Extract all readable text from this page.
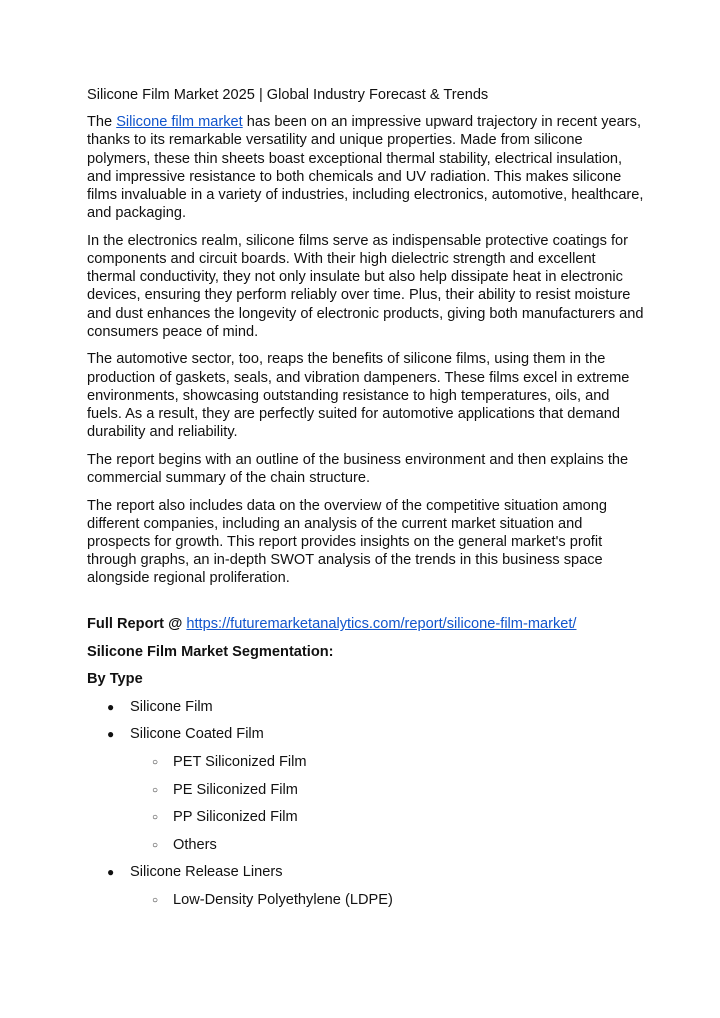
Silicone Film Market 2025 | Global Industry Forecast & Trends

The Silicone film market has been on an impressive upward trajectory in recent years, thanks to its remarkable versatility and unique properties. Made from silicone polymers, these thin sheets boast exceptional thermal stability, electrical insulation, and impressive resistance to both chemicals and UV radiation. This makes silicone films invaluable in a variety of industries, including electronics, automotive, healthcare, and packaging.

In the electronics realm, silicone films serve as indispensable protective coatings for components and circuit boards. With their high dielectric strength and excellent thermal conductivity, they not only insulate but also help dissipate heat in electronic devices, ensuring they perform reliably over time. Plus, their ability to resist moisture and dust enhances the longevity of electronic products, giving both manufacturers and consumers peace of mind.

The automotive sector, too, reaps the benefits of silicone films, using them in the production of gaskets, seals, and vibration dampeners. These films excel in extreme environments, showcasing outstanding resistance to high temperatures, oils, and fuels. As a result, they are perfectly suited for automotive applications that demand durability and reliability.

The report begins with an outline of the business environment and then explains the commercial summary of the chain structure.

The report also includes data on the overview of the competitive situation among different companies, including an analysis of the current market situation and prospects for growth. This report provides insights on the general market's profit through graphs, an in-depth SWOT analysis of the trends in this business space alongside regional proliferation.

Full Report @ https://futuremarketanalytics.com/report/silicone-film-market/
Silicone Film Market Segmentation:
By Type
● Silicone Film
● Silicone Coated Film
○ PET Siliconized Film
○ PE Siliconized Film
○ PP Siliconized Film
○ Others
● Silicone Release Liners
○ Low-Density Polyethylene (LDPE)
